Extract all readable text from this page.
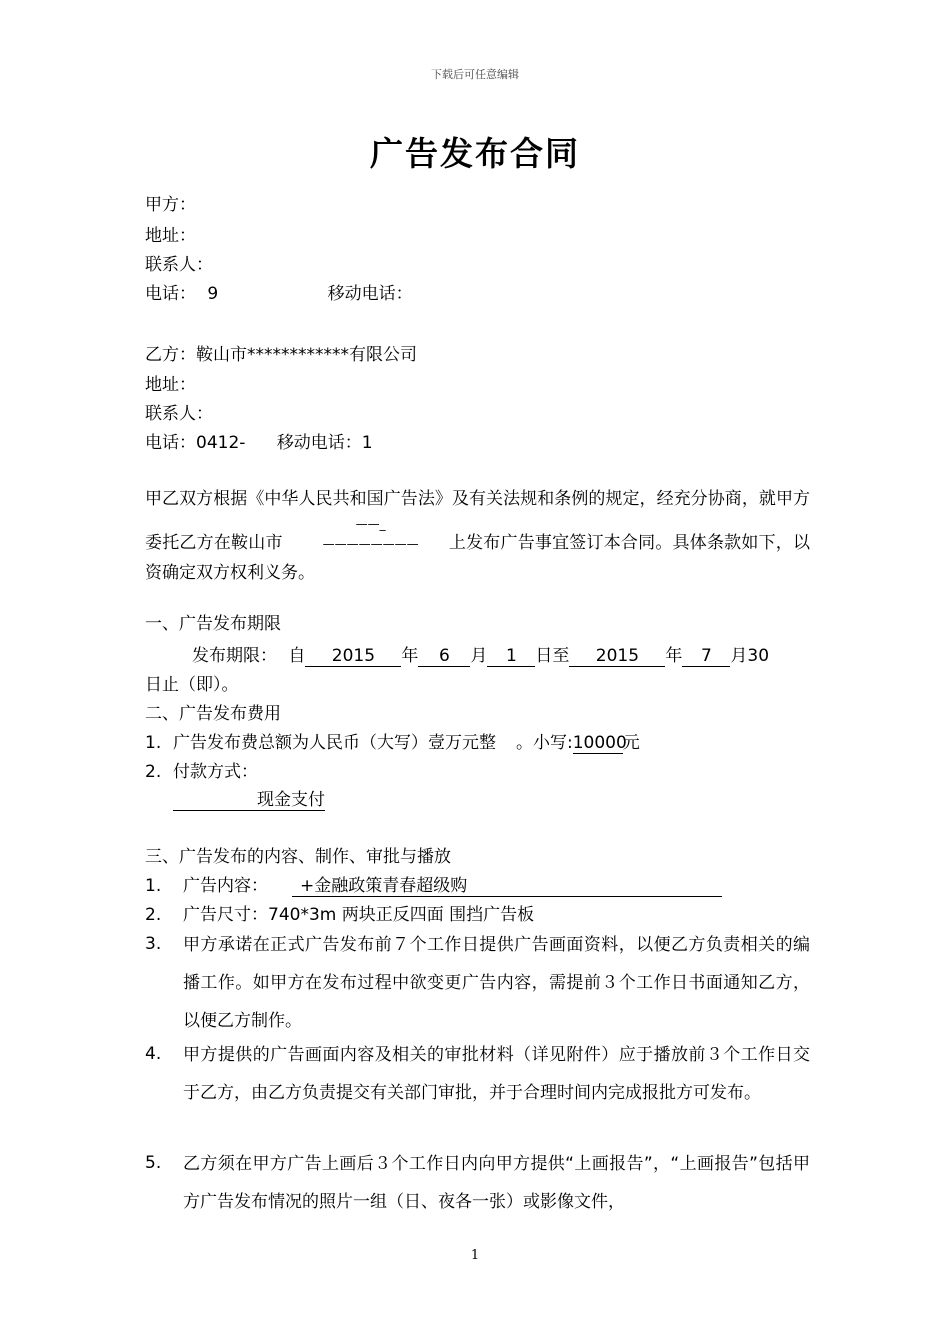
下载后可任意编辑
广告发布合同
甲方：
地址：
联系人：
电话： 9	移动电话：
乙方：鞍山市************有限公司
地址：
联系人：
电话：0412- 移动电话：1
甲乙双方根据《中华人民共和国广告法》及有关法规和条例的规定，经充分协商，就甲方委托乙方在鞍山市——_———————— 上发布广告事宜签订本合同。具体条款如下，以资确定双方权利义务。
一、广告发布期限
发布期限： 自 2015 年 6 月 1 日至 2015 年 7 月30
日止（即）。
二、广告发布费用
1. 广告发布费总额为人民币（大写）壹万元整 。小写:10000元
2. 付款方式：
现金支付
三、广告发布的内容、制作、审批与播放
1. 广告内容： +金融政策青春超级购
2. 广告尺寸：740*3m 两块正反四面 围挡广告板
3.	甲方承诺在正式广告发布前７个工作日提供广告画面资料，以便乙方负责相关的编播工作。如甲方在发布过程中欲变更广告内容，需提前３个工作日书面通知乙方，以便乙方制作。
4.	甲方提供的广告画面内容及相关的审批材料（详见附件）应于播放前３个工作日交于乙方，由乙方负责提交有关部门审批，并于合理时间内完成报批方可发布。
5.	乙方须在甲方广告上画后３个工作日内向甲方提供“上画报告”，“上画报告”包括甲方广告发布情况的照片一组（日、夜各一张）或影像文件，
1
